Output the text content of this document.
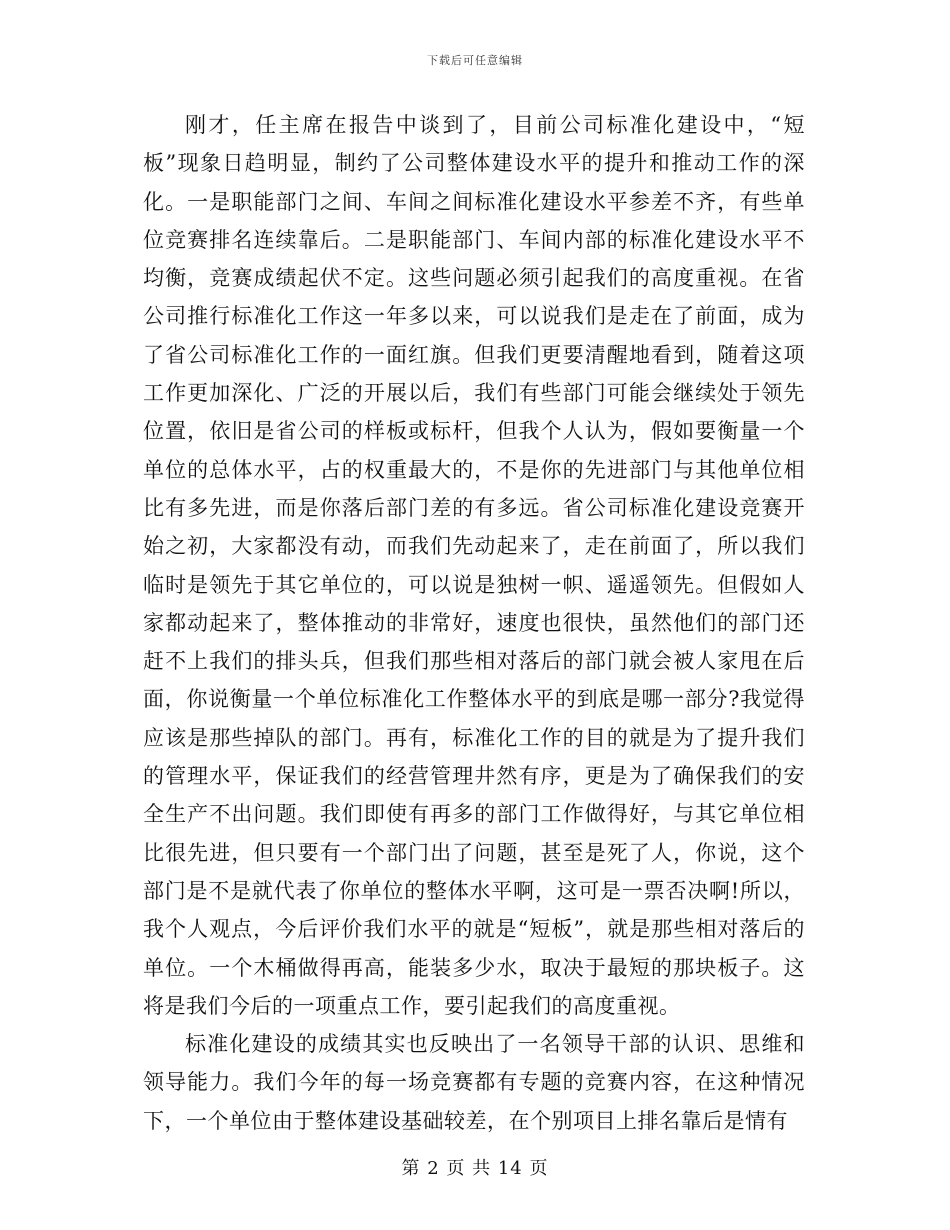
下载后可任意编辑

刚才，任主席在报告中谈到了，目前公司标准化建设中，“短板”现象日趋明显，制约了公司整体建设水平的提升和推动工作的深化。一是职能部门之间、车间之间标准化建设水平参差不齐，有些单位竞赛排名连续靠后。二是职能部门、车间内部的标准化建设水平不均衡，竞赛成绩起伏不定。这些问题必须引起我们的高度重视。在省公司推行标准化工作这一年多以来，可以说我们是走在了前面，成为了省公司标准化工作的一面红旗。但我们更要清醒地看到，随着这项工作更加深化、广泛的开展以后，我们有些部门可能会继续处于领先位置，依旧是省公司的样板或标杆，但我个人认为，假如要衡量一个单位的总体水平，占的权重最大的，不是你的先进部门与其他单位相比有多先进，而是你落后部门差的有多远。省公司标准化建设竞赛开始之初，大家都没有动，而我们先动起来了，走在前面了，所以我们临时是领先于其它单位的，可以说是独树一帜、遥遥领先。但假如人家都动起来了，整体推动的非常好，速度也很快，虽然他们的部门还赶不上我们的排头兵，但我们那些相对落后的部门就会被人家甩在后面，你说衡量一个单位标准化工作整体水平的到底是哪一部分?我觉得应该是那些掉队的部门。再有，标准化工作的目的就是为了提升我们的管理水平，保证我们的经营管理井然有序，更是为了确保我们的安全生产不出问题。我们即使有再多的部门工作做得好，与其它单位相比很先进，但只要有一个部门出了问题，甚至是死了人，你说，这个部门是不是就代表了你单位的整体水平啊，这可是一票否决啊!所以，我个人观点，今后评价我们水平的就是“短板”，就是那些相对落后的单位。一个木桶做得再高，能装多少水，取决于最短的那块板子。这将是我们今后的一项重点工作，要引起我们的高度重视。

标准化建设的成绩其实也反映出了一名领导干部的认识、思维和领导能力。我们今年的每一场竞赛都有专题的竞赛内容，在这种情况下，一个单位由于整体建设基础较差，在个别项目上排名靠后是情有

第 2 页 共 14 页
